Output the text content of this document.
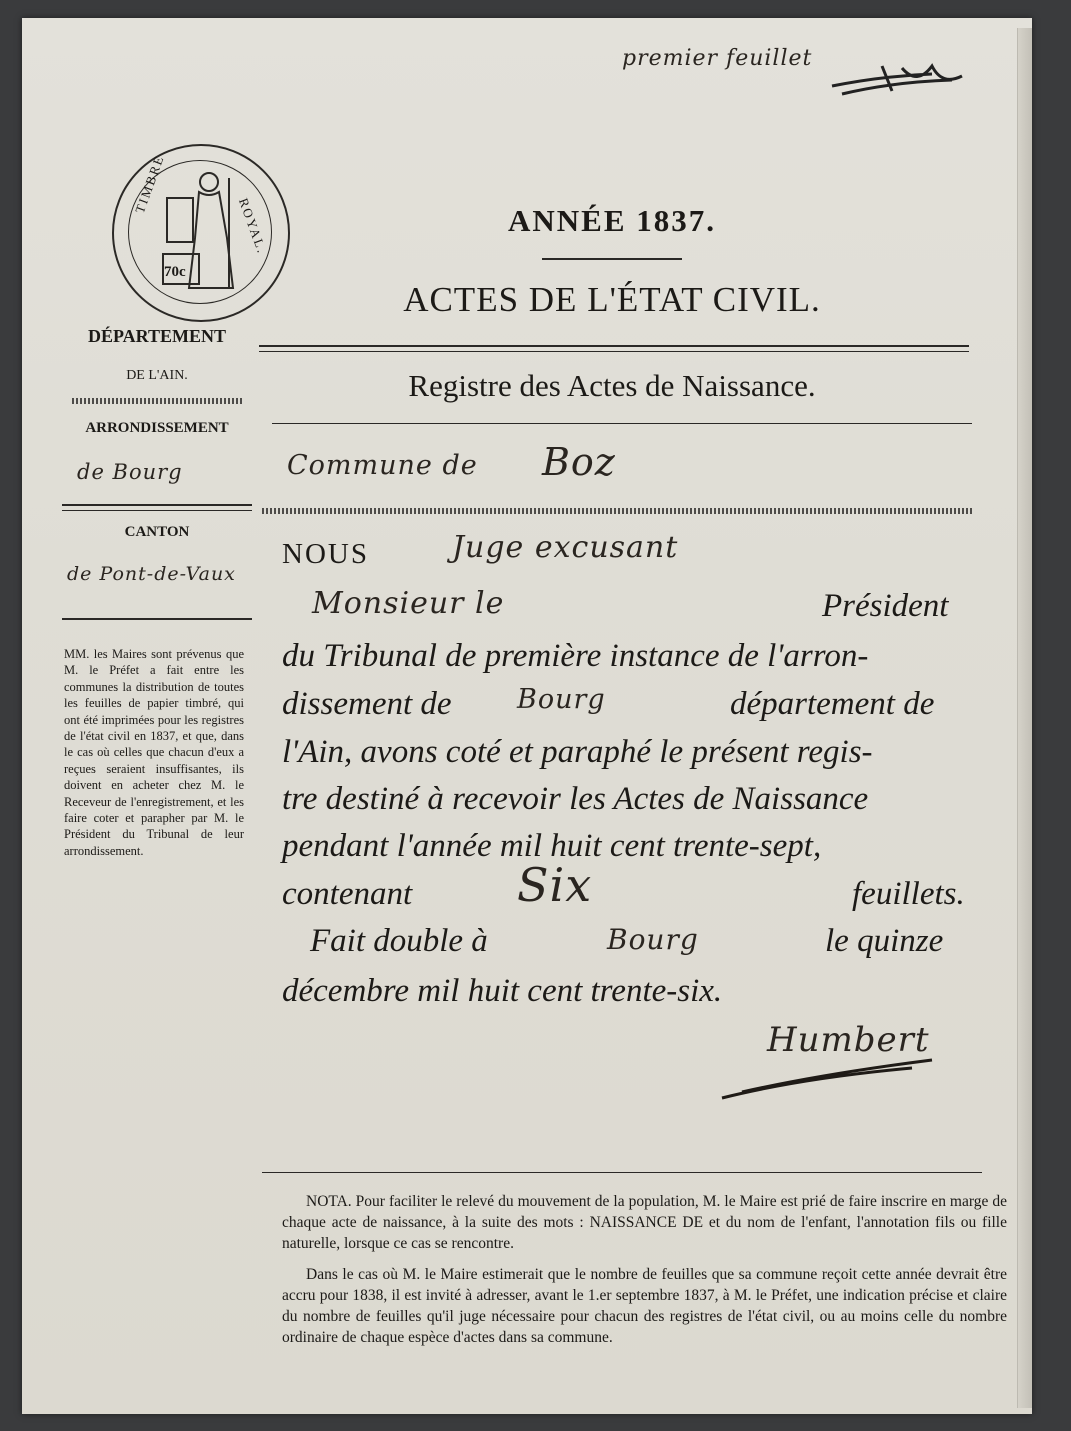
premier feuillet
TIMBRE
ROYAL.
70c
ANNÉE 1837.
ACTES DE L'ÉTAT CIVIL.
Registre des Actes de Naissance.
DÉPARTEMENT
DE L'AIN.
ARRONDISSEMENT
de Bourg
CANTON
de Pont-de-Vaux
MM. les Maires sont prévenus que M. le Préfet a fait entre les communes la distribution de toutes les feuilles de papier timbré, qui ont été imprimées pour les registres de l'état civil en 1837, et que, dans le cas où celles que chacun d'eux a reçues seraient insuffisantes, ils doivent en acheter chez M. le Receveur de l'enregistrement, et les faire coter et parapher par M. le Président du Tribunal de leur arrondissement.
Commune de Boz
NOUS	Juge excusant
Monsieur le	Président
du Tribunal de première instance de l'arron-
dissement de	Bourg	département de
l'Ain, avons coté et paraphé le présent regis-
tre destiné à recevoir les Actes de Naissance
pendant l'année mil huit cent trente-sept,
contenant	Six	feuillets.
Fait double à	Bourg	le quinze
décembre mil huit cent trente-six.
Humbert
NOTA. Pour faciliter le relevé du mouvement de la population, M. le Maire est prié de faire inscrire en marge de chaque acte de naissance, à la suite des mots : NAISSANCE DE et du nom de l'enfant, l'annotation fils ou fille naturelle, lorsque ce cas se rencontre.
Dans le cas où M. le Maire estimerait que le nombre de feuilles que sa commune reçoit cette année devrait être accru pour 1838, il est invité à adresser, avant le 1.er septembre 1837, à M. le Préfet, une indication précise et claire du nombre de feuilles qu'il juge nécessaire pour chacun des registres de l'état civil, ou au moins celle du nombre ordinaire de chaque espèce d'actes dans sa commune.
